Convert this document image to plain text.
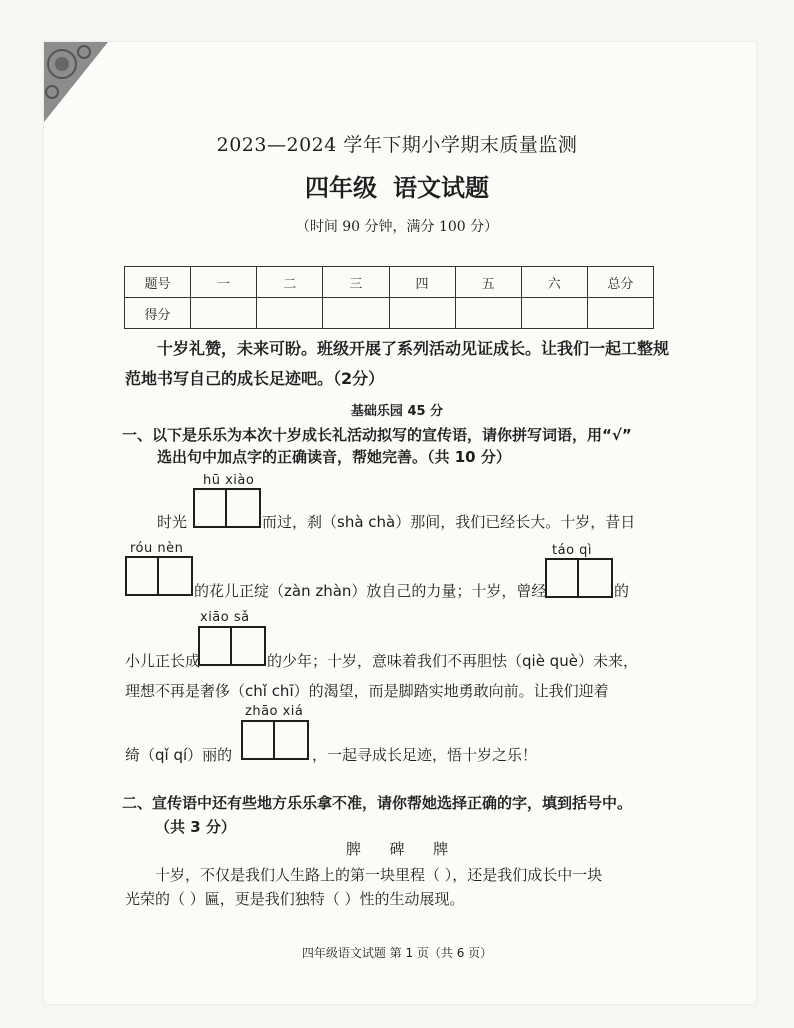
2023—2024 学年下期小学期末质量监测
四年级 语文试题
（时间 90 分钟，满分 100 分）
题号	一	二	三	四	五	六	总分
得分							
十岁礼赞，未来可盼。班级开展了系列活动见证成长。让我们一起工整规
范地书写自己的成长足迹吧。（2分）
基础乐园 45 分
一、以下是乐乐为本次十岁成长礼活动拟写的宣传语，请你拼写词语，用“√”
选出句中加点字的正确读音，帮她完善。（共 10 分）
hū xiào
时光	而过，刹（shà chà）那间，我们已经长大。十岁，昔日
róu nèn	táo qì
的花儿正绽（zàn zhàn）放自己的力量；十岁，曾经	的
xiāo sǎ
小儿正长成	的少年；十岁，意味着我们不再胆怯（qiè què）未来，
理想不再是奢侈（chǐ chī）的渴望，而是脚踏实地勇敢向前。让我们迎着
zhāo xiá
绮（qǐ qí）丽的	，一起寻成长足迹，悟十岁之乐！
二、宣传语中还有些地方乐乐拿不准，请你帮她选择正确的字，填到括号中。
（共 3 分）
脾      碑      牌
十岁，不仅是我们人生路上的第一块里程（ ），还是我们成长中一块
光荣的（ ）匾，更是我们独特（ ）性的生动展现。
四年级语文试题 第 1 页（共 6 页）
